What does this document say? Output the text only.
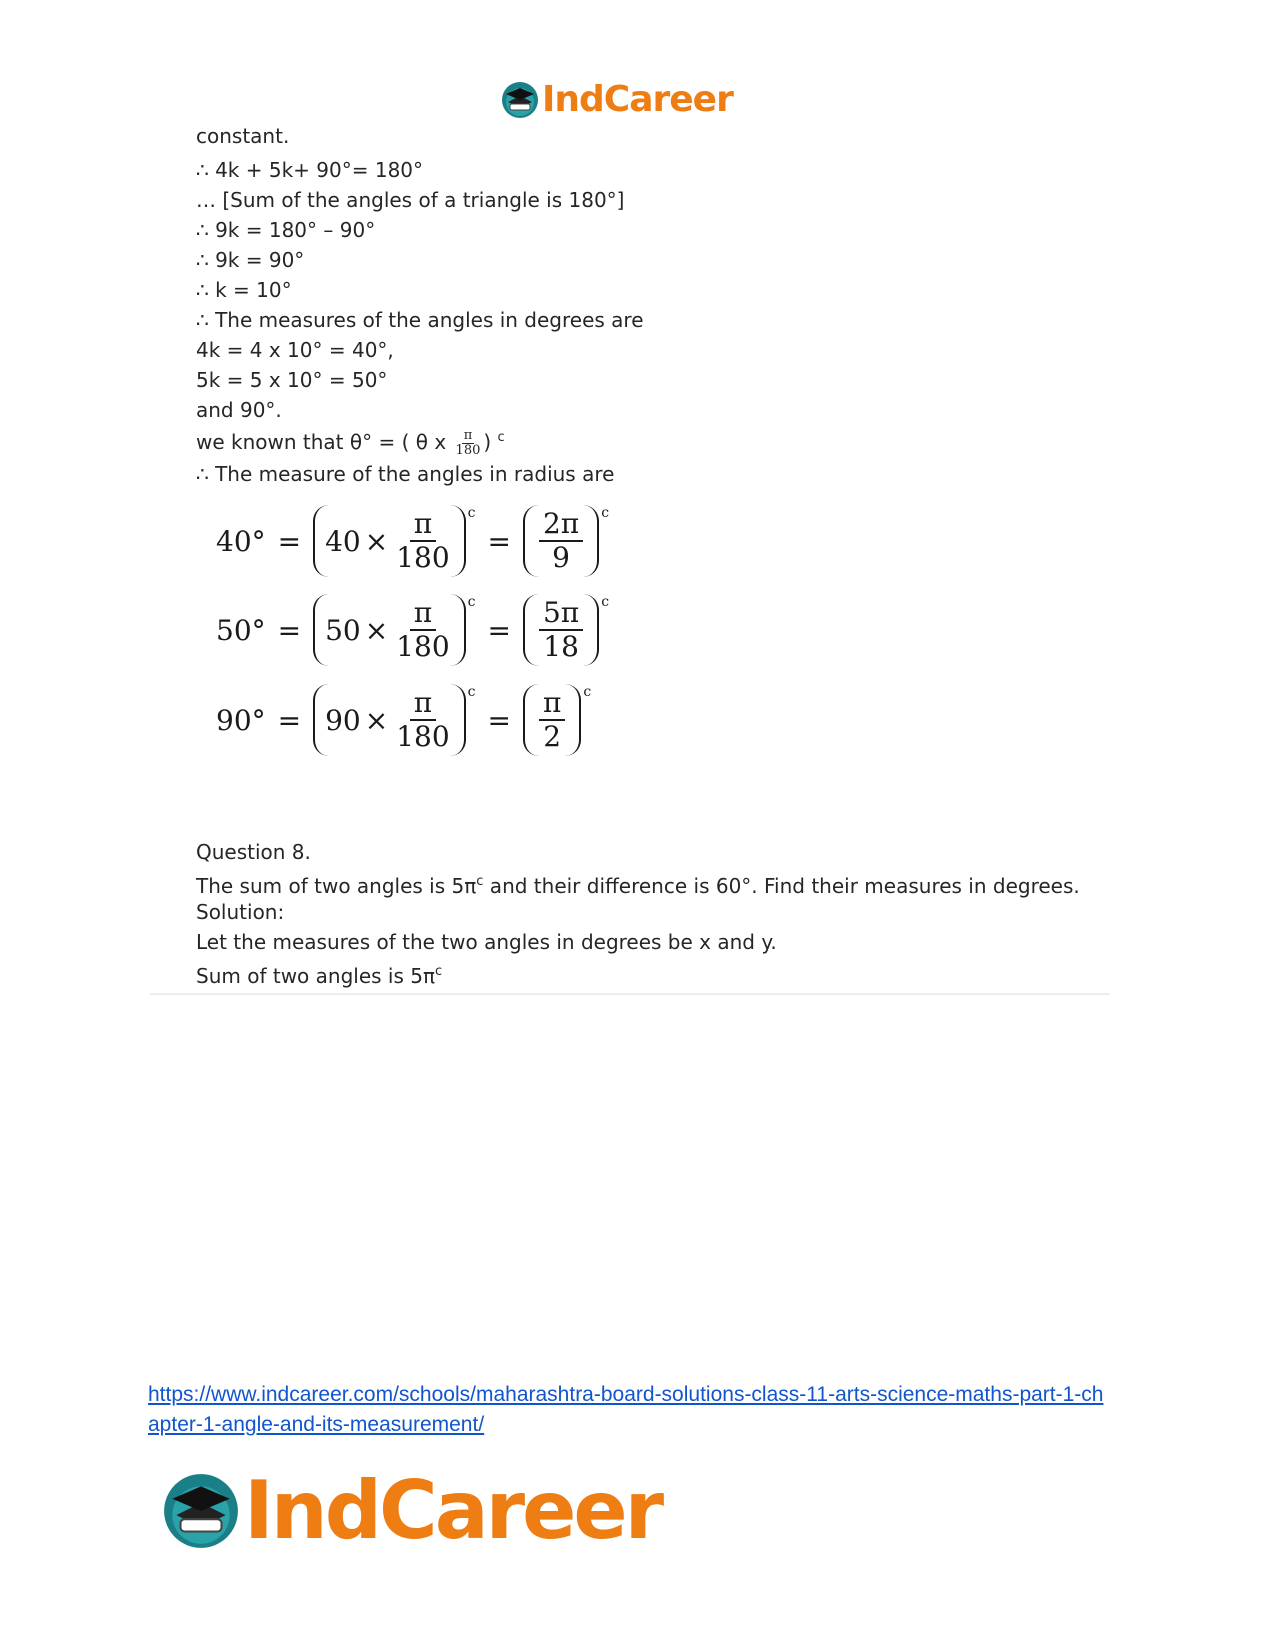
IndCareer
constant.
∴ 4k + 5k+ 90°= 180°
… [Sum of the angles of a triangle is 180°]
∴ 9k = 180° – 90°
∴ 9k = 90°
∴ k = 10°
∴ The measures of the angles in degrees are
4k = 4 x 10° = 40°,
5k = 5 x 10° = 50°
and 90°.
we known that θ° = ( θ x $\frac{\pi}{180}$ ) $^c$
∴ The measure of the angles in radius are
$40^\circ = 40 \times \frac{\pi}{180}$ c
= $\frac{2\pi}{9}$ c
$50^\circ = 50 \times \frac{\pi}{180}$ c
= $\frac{5\pi}{18}$ c
$90^\circ = 90 \times \frac{\pi}{180}$ c
= $\frac{\pi}{2}$ c
Question 8.
The sum of two angles is $5\pi^c$ and their difference is 60°. Find their measures in degrees.
Solution:
Let the measures of the two angles in degrees be x and y.
Sum of two angles is $5\pi^c$
https://www.indcareer.com/schools/maharashtra-board-solutions-class-11-arts-science-maths-part-1-chapter-1-angle-and-its-measurement/
IndCareer
